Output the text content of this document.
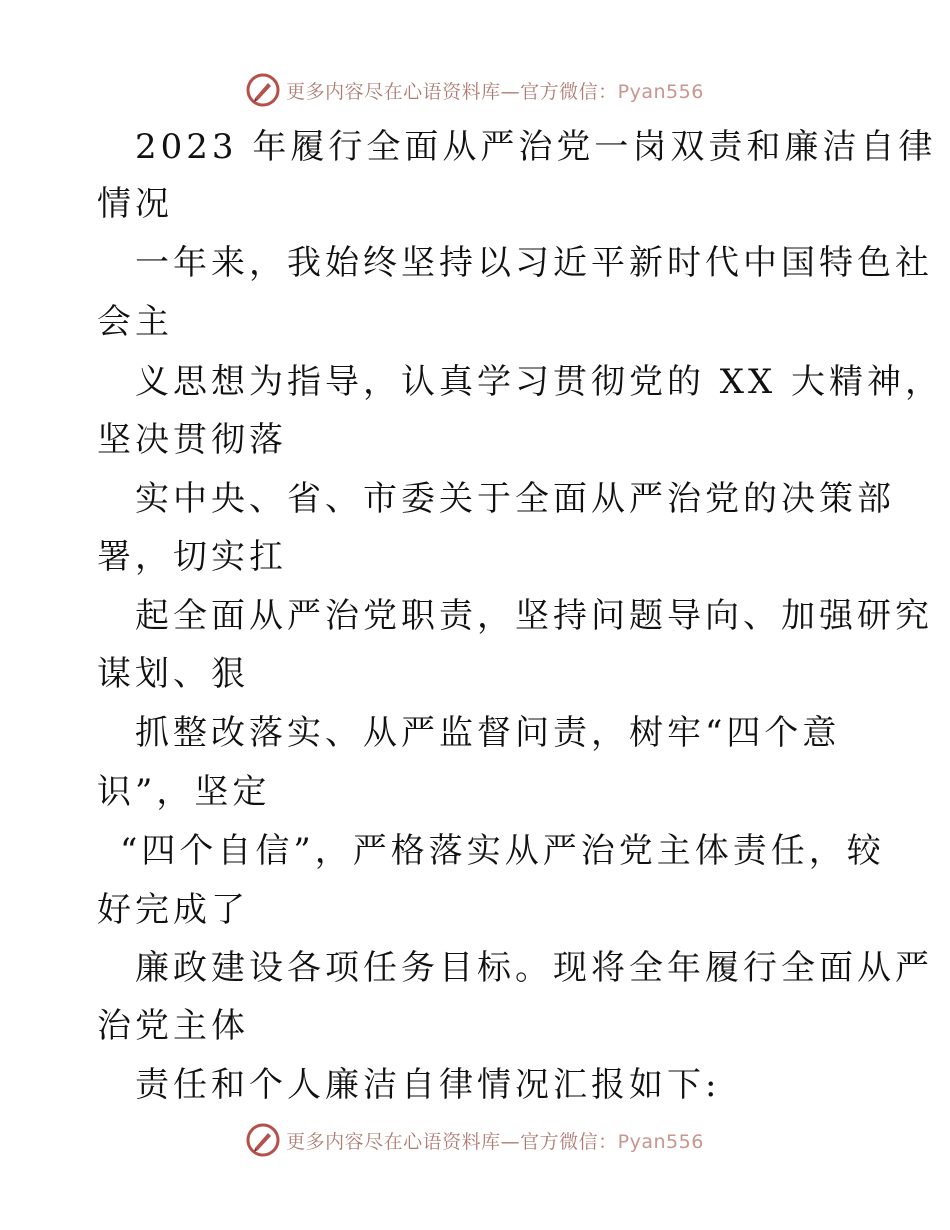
更多内容尽在心语资料库—官方微信：Pyan556
2023 年履行全面从严治党一岗双责和廉洁自律
情况
一年来，我始终坚持以习近平新时代中国特色社
会主
义思想为指导，认真学习贯彻党的 XX 大精神，
坚决贯彻落
实中央、省、市委关于全面从严治党的决策部
署，切实扛
起全面从严治党职责，坚持问题导向、加强研究
谋划、狠
抓整改落实、从严监督问责，树牢“四个意
识”，坚定
“四个自信”，严格落实从严治党主体责任，较
好完成了
廉政建设各项任务目标。现将全年履行全面从严
治党主体
责任和个人廉洁自律情况汇报如下:
更多内容尽在心语资料库—官方微信：Pyan556
